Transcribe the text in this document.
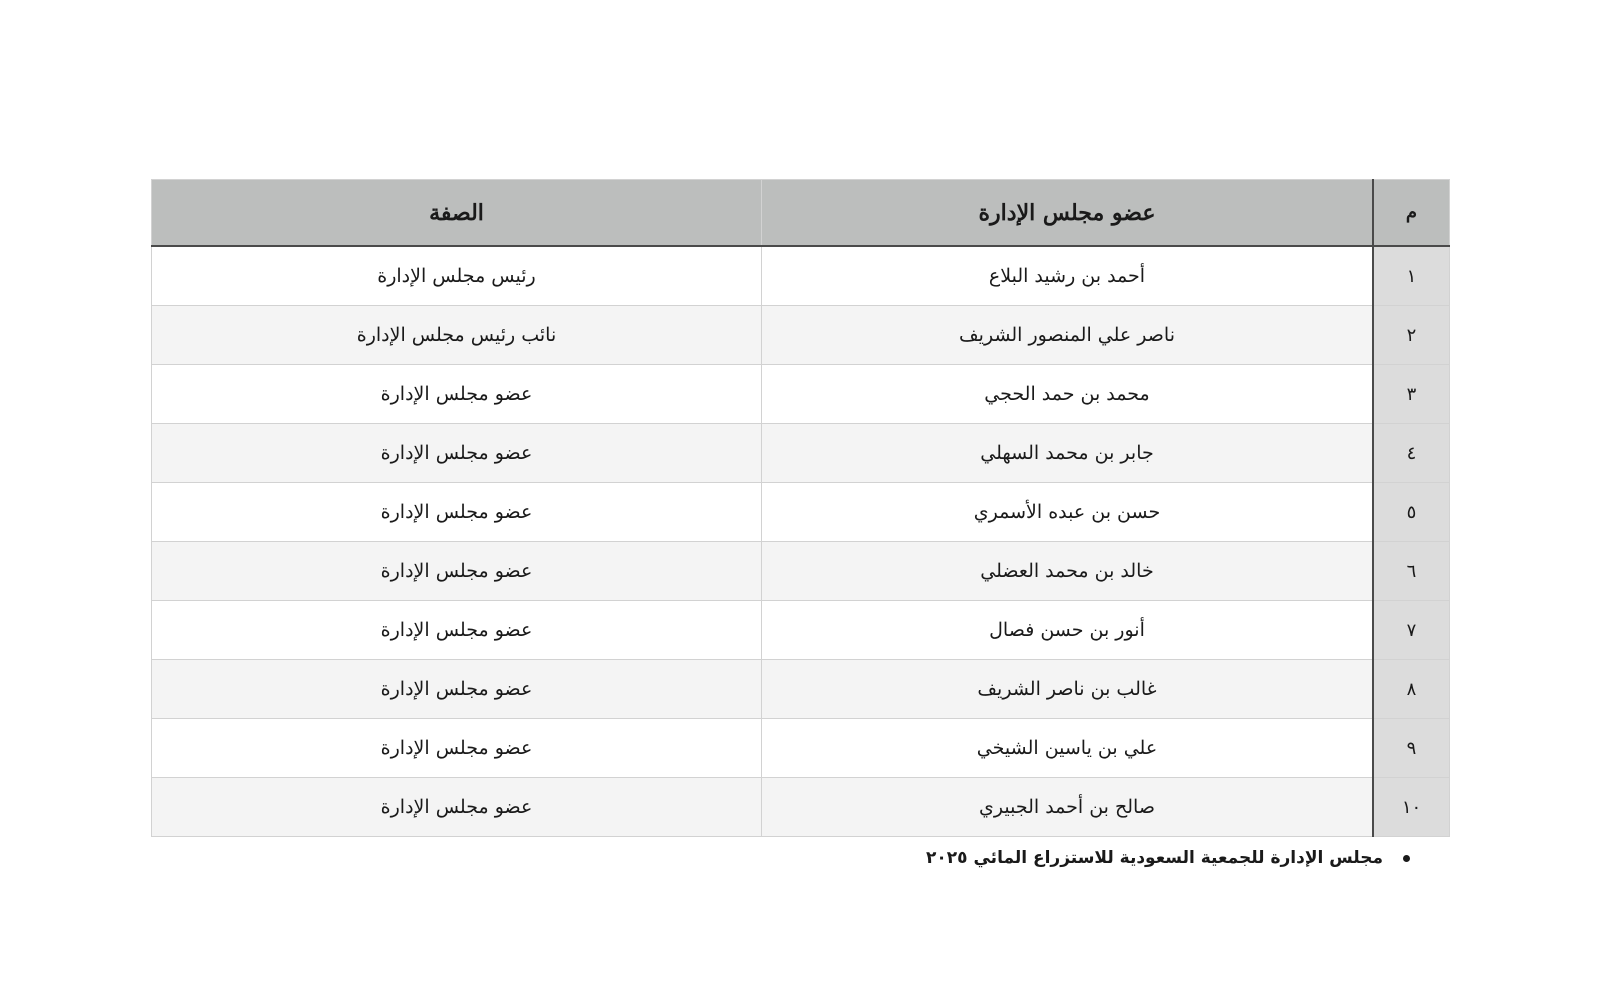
م	عضو مجلس الإدارة	الصفة
١	أحمد بن رشيد البلاع	رئيس مجلس الإدارة
٢	ناصر علي المنصور الشريف	نائب رئيس مجلس الإدارة
٣	محمد بن حمد الحجي	عضو مجلس الإدارة
٤	جابر بن محمد السهلي	عضو مجلس الإدارة
٥	حسن بن عبده الأسمري	عضو مجلس الإدارة
٦	خالد بن محمد العضلي	عضو مجلس الإدارة
٧	أنور بن حسن فصال	عضو مجلس الإدارة
٨	غالب بن ناصر الشريف	عضو مجلس الإدارة
٩	علي بن ياسين الشيخي	عضو مجلس الإدارة
١٠	صالح بن أحمد الجبيري	عضو مجلس الإدارة
مجلس الإدارة للجمعية السعودية للاستزراع المائي ٢٠٢٥
